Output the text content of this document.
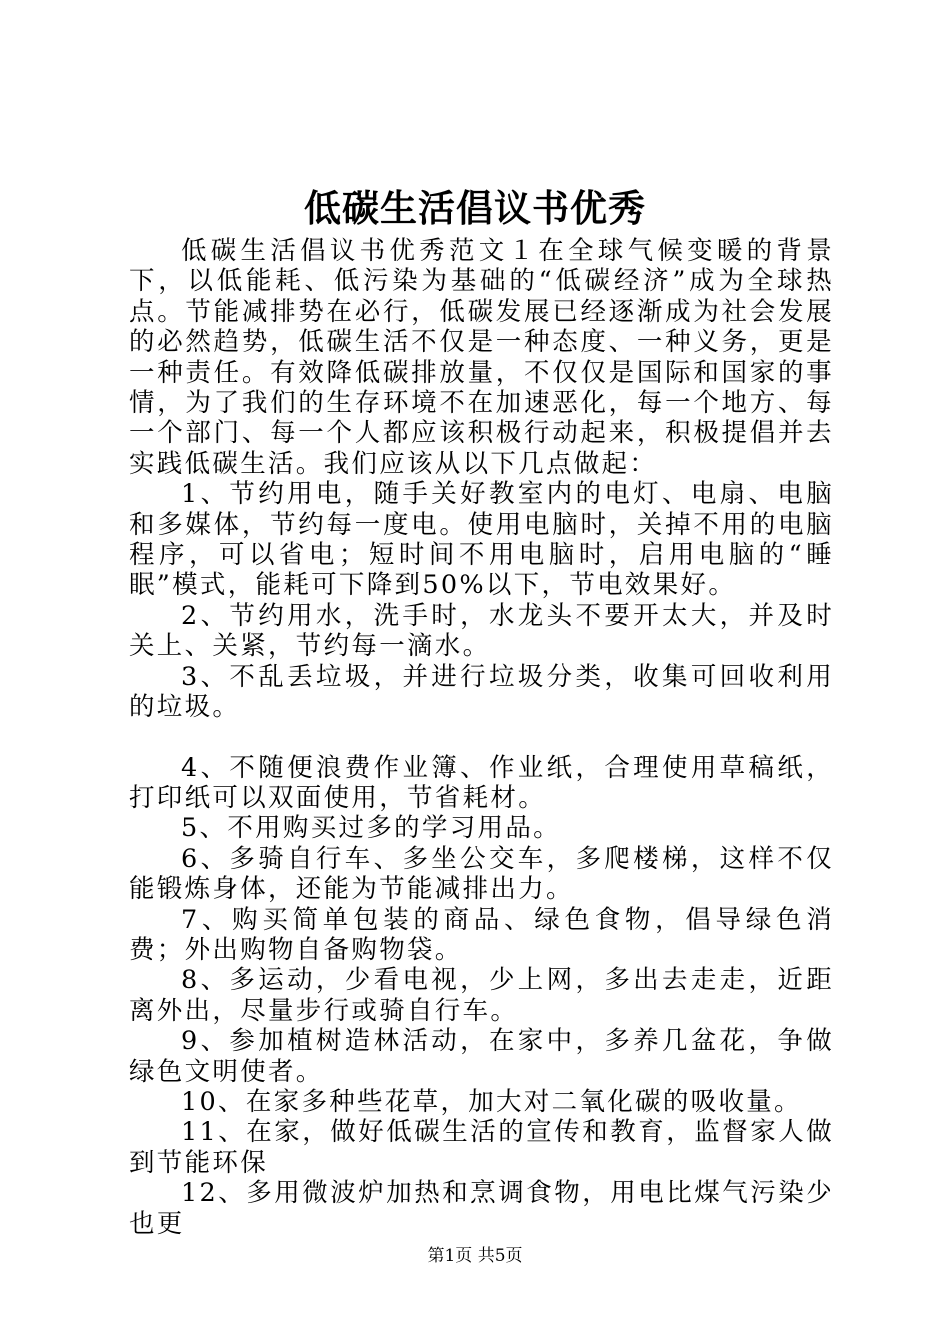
低碳生活倡议书优秀

低碳生活倡议书优秀范文１在全球气候变暖的背景下，以低能耗、低污染为基础的“低碳经济”成为全球热点。节能减排势在必行，低碳发展已经逐渐成为社会发展的必然趋势，低碳生活不仅是一种态度、一种义务，更是一种责任。有效降低碳排放量，不仅仅是国际和国家的事情，为了我们的生存环境不在加速恶化，每一个地方、每一个部门、每一个人都应该积极行动起来，积极提倡并去实践低碳生活。我们应该从以下几点做起：

1、节约用电，随手关好教室内的电灯、电扇、电脑和多媒体，节约每一度电。使用电脑时，关掉不用的电脑程序，可以省电；短时间不用电脑时，启用电脑的“睡眠”模式，能耗可下降到50%以下，节电效果好。

2、节约用水，洗手时，水龙头不要开太大，并及时关上、关紧，节约每一滴水。

3、不乱丢垃圾，并进行垃圾分类，收集可回收利用的垃圾。

4、不随便浪费作业簿、作业纸，合理使用草稿纸，打印纸可以双面使用，节省耗材。

5、不用购买过多的学习用品。

6、多骑自行车、多坐公交车，多爬楼梯，这样不仅能锻炼身体，还能为节能减排出力。

7、购买简单包装的商品、绿色食物，倡导绿色消费；外出购物自备购物袋。

8、多运动，少看电视，少上网，多出去走走，近距离外出，尽量步行或骑自行车。

9、参加植树造林活动，在家中，多养几盆花，争做绿色文明使者。

10、在家多种些花草，加大对二氧化碳的吸收量。

11、在家，做好低碳生活的宣传和教育，监督家人做到节能环保

12、多用微波炉加热和烹调食物，用电比煤气污染少也更

第1页 共5页
